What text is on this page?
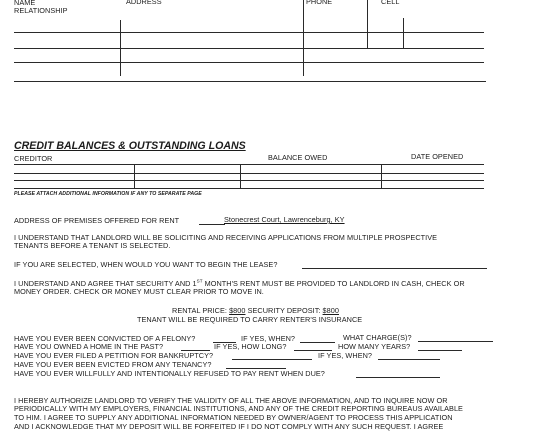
NAME
RELATIONSHIP
ADDRESS	PHONE	CELL
CREDIT BALANCES & OUTSTANDING LOANS
CREDITOR	BALANCE OWED	DATE OPENED
PLEASE ATTACH ADDITIONAL INFORMATION IF ANY TO SEPARATE PAGE
ADDRESS OF PREMISES OFFERED FOR RENT	Stonecrest Court, Lawrenceburg, KY
I UNDERSTAND THAT LANDLORD WILL BE SOLICITING AND RECEIVING APPLICATIONS FROM MULTIPLE PROSPECTIVE
TENANTS BEFORE A TENANT IS SELECTED.
IF YOU ARE SELECTED, WHEN WOULD YOU WANT TO BEGIN THE LEASE?
I UNDERSTAND AND AGREE THAT SECURITY AND 1ST MONTH'S RENT MUST BE PROVIDED TO LANDLORD IN CASH, CHECK OR
MONEY ORDER. CHECK OR MONEY MUST CLEAR PRIOR TO MOVE IN.
RENTAL PRICE: $800 SECURITY DEPOSIT: $800
TENANT WILL BE REQUIRED TO CARRY RENTER'S INSURANCE
HAVE YOU EVER BEEN CONVICTED OF A FELONY?	IF YES, WHEN?	WHAT CHARGE(S)?
HAVE YOU OWNED A HOME IN THE PAST?	IF YES, HOW LONG?	HOW MANY YEARS?
HAVE YOU EVER FILED A PETITION FOR BANKRUPTCY?	IF YES, WHEN?
HAVE YOU EVER BEEN EVICTED FROM ANY TENANCY?
HAVE YOU EVER WILLFULLY AND INTENTIONALLY REFUSED TO PAY RENT WHEN DUE?
I HEREBY AUTHORIZE LANDLORD TO VERIFY THE VALIDITY OF ALL THE ABOVE INFORMATION, AND TO INQUIRE NOW OR
PERIODICALLY WITH MY EMPLOYERS, FINANCIAL INSTITUTIONS, AND ANY OF THE CREDIT REPORTING BUREAUS AVAILABLE
TO HIM. I AGREE TO SUPPLY ANY ADDITIONAL INFORMATION NEEDED BY OWNER/AGENT TO PROCESS THIS APPLICATION
AND I ACKNOWLEDGE THAT MY DEPOSIT WILL BE FORFEITED IF I DO NOT COMPLY WITH ANY SUCH REQUEST. I AGREE
